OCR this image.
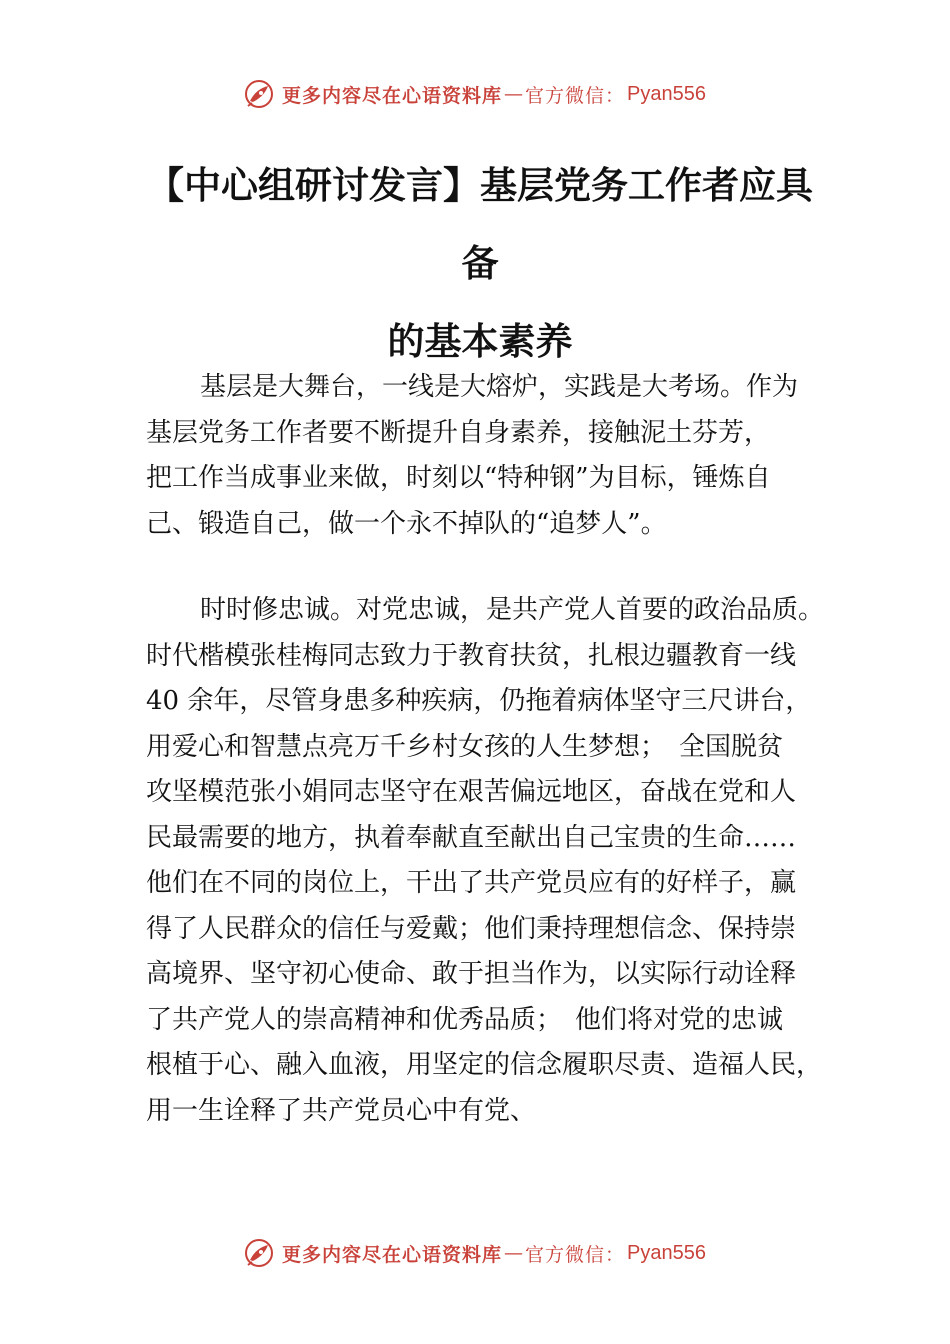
更多内容尽在心语资料库 — 官方微信： Pyan556
【中心组研讨发言】基层党务工作者应具备
的基本素养
基层是大舞台，一线是大熔炉，实践是大考场。作为
基层党务工作者要不断提升自身素养，接触泥土芬芳，
把工作当成事业来做，时刻以“特种钢”为目标，锤炼自
己、锻造自己，做一个永不掉队的“追梦人”。
时时修忠诚。对党忠诚，是共产党人首要的政治品质。
时代楷模张桂梅同志致力于教育扶贫，扎根边疆教育一线
40 余年，尽管身患多种疾病，仍拖着病体坚守三尺讲台，
用爱心和智慧点亮万千乡村女孩的人生梦想；　全国脱贫
攻坚模范张小娟同志坚守在艰苦偏远地区，奋战在党和人
民最需要的地方，执着奉献直至献出自己宝贵的生命……
他们在不同的岗位上，干出了共产党员应有的好样子，赢
得了人民群众的信任与爱戴；他们秉持理想信念、保持崇
高境界、坚守初心使命、敢于担当作为，以实际行动诠释
了共产党人的崇高精神和优秀品质；　他们将对党的忠诚
根植于心、融入血液，用坚定的信念履职尽责、造福人民，
用一生诠释了共产党员心中有党、
更多内容尽在心语资料库 — 官方微信： Pyan556
